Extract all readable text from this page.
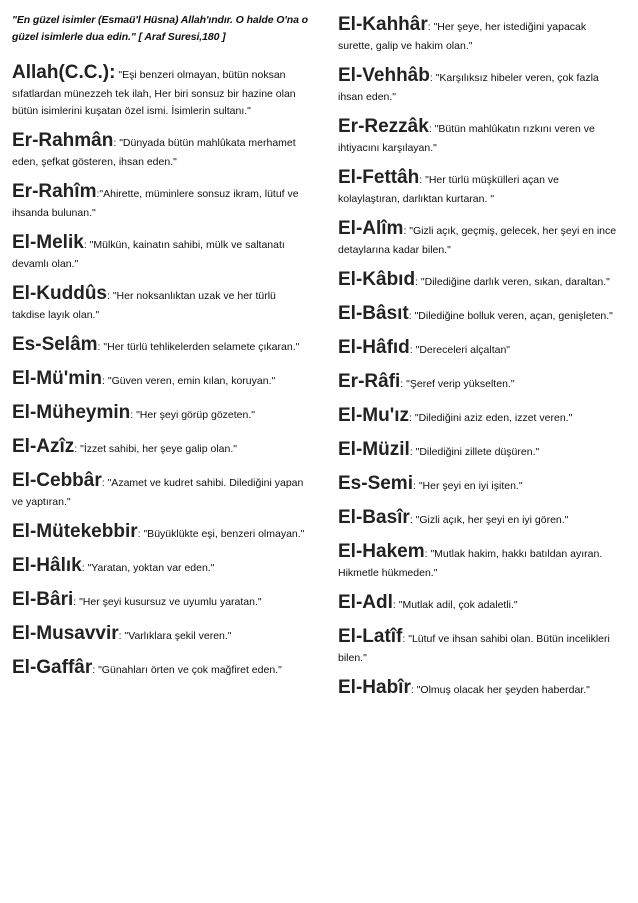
"En güzel isimler (Esmaü'l Hüsna) Allah'ındır. O halde O'na o güzel isimlerle dua edin." [ Araf Suresi,180 ]

Allah(C.C.): "Eşi benzeri olmayan, bütün noksan sıfatlardan münezzeh tek ilah, Her biri sonsuz bir hazine olan bütün isimlerini kuşatan özel ismi. İsimlerin sultanı."

Er-Rahmân: "Dünyada bütün mahlûkata merhamet eden, şefkat gösteren, ihsan eden."

Er-Rahîm:"Ahirette, müminlere sonsuz ikram, lütuf ve ihsanda bulunan."

El-Melik: "Mülkün, kainatın sahibi, mülk ve saltanatı devamlı olan."

El-Kuddûs: "Her noksanlıktan uzak ve her türlü takdise layık olan."

Es-Selâm: "Her türlü tehlikelerden selamete çıkaran."

El-Mü'min: "Güven veren, emin kılan, koruyan."

El-Müheymin: "Her şeyi görüp gözeten."

El-Azîz: "İzzet sahibi, her şeye galip olan."

El-Cebbâr: "Azamet ve kudret sahibi. Dilediğini yapan ve yaptıran."

El-Mütekebbir: "Büyüklükte eşi, benzeri olmayan."

El-Hâlık: "Yaratan, yoktan var eden."

El-Bâri: "Her şeyi kusursuz ve uyumlu yaratan."

El-Musavvir: "Varlıklara şekil veren."

El-Gaffâr: "Günahları örten ve çok mağfiret eden."

El-Kahhâr: "Her şeye, her istediğini yapacak surette, galip ve hakim olan."

El-Vehhâb: "Karşılıksız hibeler veren, çok fazla ihsan eden."

Er-Rezzâk: "Bütün mahlûkatın rızkını veren ve ihtiyacını karşılayan."

El-Fettâh: "Her türlü müşkülleri açan ve kolaylaştıran, darlıktan kurtaran. "

El-Alîm: "Gizli açık, geçmiş, gelecek, her şeyi en ince detaylarına kadar bilen."

El-Kâbıd: "Dilediğine darlık veren, sıkan, daraltan."

El-Bâsıt: "Dilediğine bolluk veren, açan, genişleten."

El-Hâfıd: "Dereceleri alçaltan"

Er-Râfi: "Şeref verip yükselten."

El-Mu'ız: "Dilediğini aziz eden, izzet veren."

El-Müzil: "Dilediğini zillete düşüren."

Es-Semi: "Her şeyi en iyi işiten."

El-Basîr: "Gizli açık, her şeyi en iyi gören."

El-Hakem: "Mutlak hakim, hakkı batıldan ayıran. Hikmetle hükmeden."

El-Adl: "Mutlak adil, çok adaletli."

El-Latîf: "Lütuf ve ihsan sahibi olan. Bütün incelikleri bilen."

El-Habîr: "Olmuş olacak her şeyden haberdar."
